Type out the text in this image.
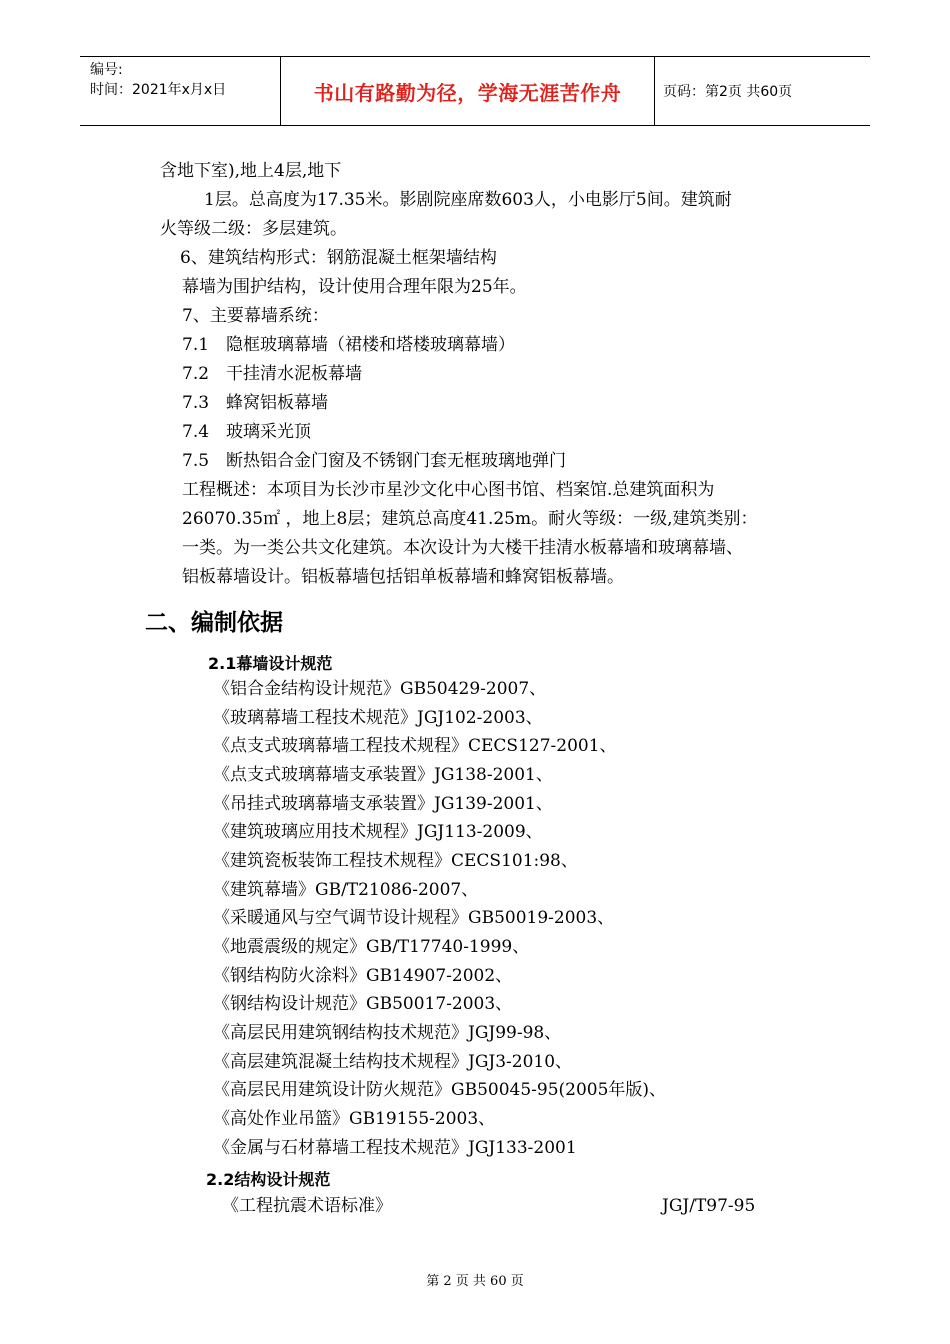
编号:
时间：2021年x月x日	书山有路勤为径，学海无涯苦作舟	页码：第2页 共60页
含地下室),地上4层,地下
1层。总高度为17.35米。影剧院座席数603人，小电影厅5间。建筑耐
火等级二级：多层建筑。
6、建筑结构形式：钢筋混凝土框架墙结构
幕墙为围护结构，设计使用合理年限为25年。
7、主要幕墙系统：
7.1　隐框玻璃幕墙（裙楼和塔楼玻璃幕墙）
7.2　干挂清水泥板幕墙
7.3　蜂窝铝板幕墙
7.4　玻璃采光顶
7.5　断热铝合金门窗及不锈钢门套无框玻璃地弹门
工程概述：本项目为长沙市星沙文化中心图书馆、档案馆.总建筑面积为
26070.35㎡ ，地上8层；建筑总高度41.25m。耐火等级：一级,建筑类别：
一类。为一类公共文化建筑。本次设计为大楼干挂清水板幕墙和玻璃幕墙、
铝板幕墙设计。铝板幕墙包括铝单板幕墙和蜂窝铝板幕墙。
二、编制依据
2.1幕墙设计规范
《铝合金结构设计规范》GB50429-2007、
《玻璃幕墙工程技术规范》JGJ102-2003、
《点支式玻璃幕墙工程技术规程》CECS127-2001、
《点支式玻璃幕墙支承装置》JG138-2001、
《吊挂式玻璃幕墙支承装置》JG139-2001、
《建筑玻璃应用技术规程》JGJ113-2009、
《建筑瓷板装饰工程技术规程》CECS101:98、
《建筑幕墙》GB/T21086-2007、
《采暖通风与空气调节设计规程》GB50019-2003、
《地震震级的规定》GB/T17740-1999、
《钢结构防火涂料》GB14907-2002、
《钢结构设计规范》GB50017-2003、
《高层民用建筑钢结构技术规范》JGJ99-98、
《高层建筑混凝土结构技术规程》JGJ3-2010、
《高层民用建筑设计防火规范》GB50045-95(2005年版)、
《高处作业吊篮》GB19155-2003、
《金属与石材幕墙工程技术规范》JGJ133-2001
2.2结构设计规范
《工程抗震术语标准》	JGJ/T97-95
第 2 页 共 60 页
